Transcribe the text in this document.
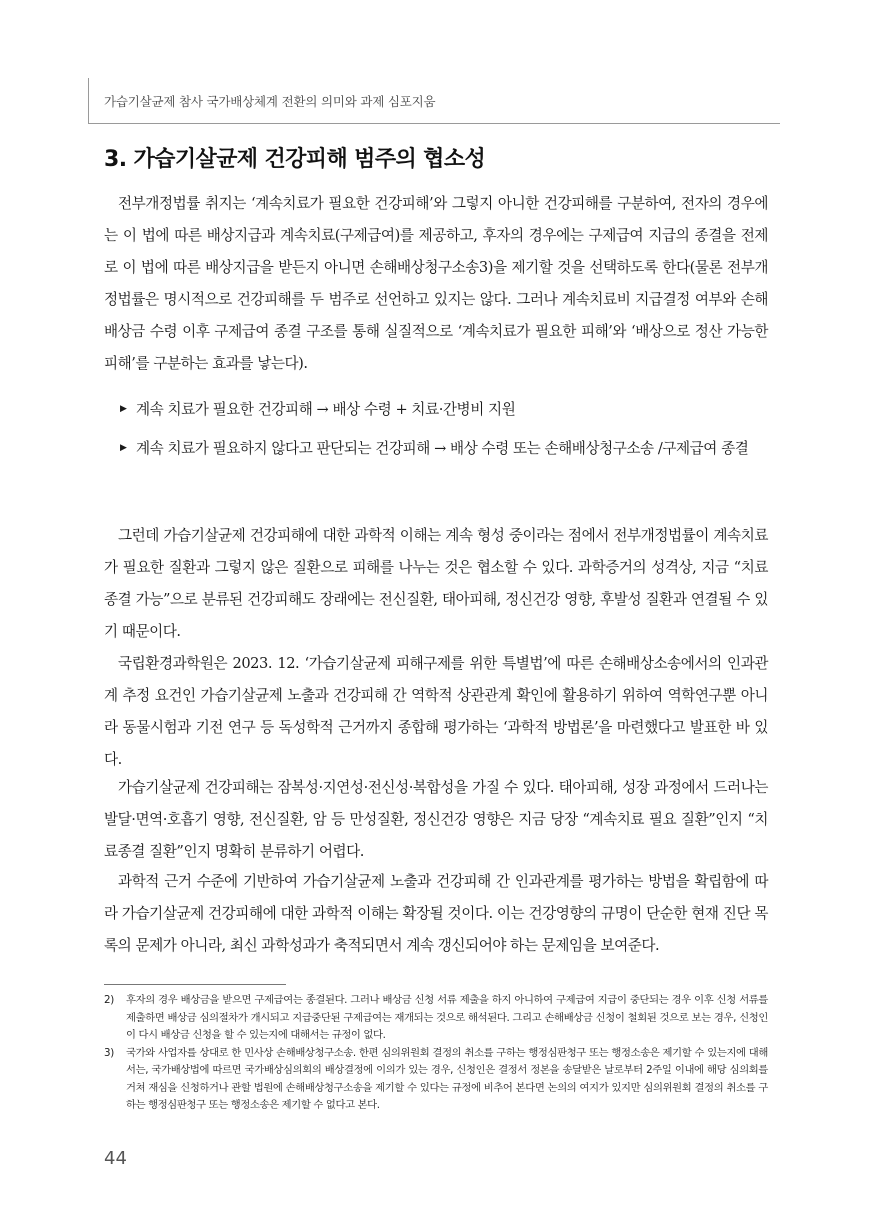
가습기살균제 참사 국가배상체계 전환의 의미와 과제 심포지움
3. 가습기살균제 건강피해 범주의 협소성

전부개정법률 취지는 ‘계속치료가 필요한 건강피해’와 그렇지 아니한 건강피해를 구분하여, 전자의 경우에는 이 법에 따른 배상지급과 계속치료(구제급여)를 제공하고, 후자의 경우에는 구제급여 지급의 종결을 전제로 이 법에 따른 배상지급을 받든지 아니면 손해배상청구소송3)을 제기할 것을 선택하도록 한다(물론 전부개정법률은 명시적으로 건강피해를 두 범주로 선언하고 있지는 않다. 그러나 계속치료비 지급결정 여부와 손해배상금 수령 이후 구제급여 종결 구조를 통해 실질적으로 ‘계속치료가 필요한 피해’와 ‘배상으로 정산 가능한 피해’를 구분하는 효과를 낳는다).

▶ 계속 치료가 필요한 건강피해 → 배상 수령 + 치료·간병비 지원
▶ 계속 치료가 필요하지 않다고 판단되는 건강피해 → 배상 수령 또는 손해배상청구소송 /구제급여 종결

그런데 가습기살균제 건강피해에 대한 과학적 이해는 계속 형성 중이라는 점에서 전부개정법률이 계속치료가 필요한 질환과 그렇지 않은 질환으로 피해를 나누는 것은 협소할 수 있다. 과학증거의 성격상, 지금 “치료종결 가능”으로 분류된 건강피해도 장래에는 전신질환, 태아피해, 정신건강 영향, 후발성 질환과 연결될 수 있기 때문이다.

국립환경과학원은 2023. 12. ‘가습기살균제 피해구제를 위한 특별법’에 따른 손해배상소송에서의 인과관계 추정 요건인 가습기살균제 노출과 건강피해 간 역학적 상관관계 확인에 활용하기 위하여 역학연구뿐 아니라 동물시험과 기전 연구 등 독성학적 근거까지 종합해 평가하는 ‘과학적 방법론’을 마련했다고 발표한 바 있다.

가습기살균제 건강피해는 잠복성·지연성·전신성·복합성을 가질 수 있다. 태아피해, 성장 과정에서 드러나는 발달·면역·호흡기 영향, 전신질환, 암 등 만성질환, 정신건강 영향은 지금 당장 “계속치료 필요 질환”인지 “치료종결 질환”인지 명확히 분류하기 어렵다.

과학적 근거 수준에 기반하여 가습기살균제 노출과 건강피해 간 인과관계를 평가하는 방법을 확립함에 따라 가습기살균제 건강피해에 대한 과학적 이해는 확장될 것이다. 이는 건강영향의 규명이 단순한 현재 진단 목록의 문제가 아니라, 최신 과학성과가 축적되면서 계속 갱신되어야 하는 문제임을 보여준다.

2)	후자의 경우 배상금을 받으면 구제급여는 종결된다. 그러나 배상금 신청 서류 제출을 하지 아니하여 구제급여 지급이 중단되는 경우 이후 신청 서류를 제출하면 배상금 심의절차가 개시되고 지급중단된 구제급여는 재개되는 것으로 해석된다. 그리고 손해배상금 신청이 철회된 것으로 보는 경우, 신청인이 다시 배상금 신청을 할 수 있는지에 대해서는 규정이 없다.
3)	국가와 사업자를 상대로 한 민사상 손해배상청구소송. 한편 심의위원회 결정의 취소를 구하는 행정심판청구 또는 행정소송은 제기할 수 있는지에 대해서는, 국가배상법에 따르면 국가배상심의회의 배상결정에 이의가 있는 경우, 신청인은 결정서 정본을 송달받은 날로부터 2주일 이내에 해당 심의회를 거쳐 재심을 신청하거나 관할 법원에 손해배상청구소송을 제기할 수 있다는 규정에 비추어 본다면 논의의 여지가 있지만 심의위원회 결정의 취소를 구하는 행정심판청구 또는 행정소송은 제기할 수 없다고 본다.
44
